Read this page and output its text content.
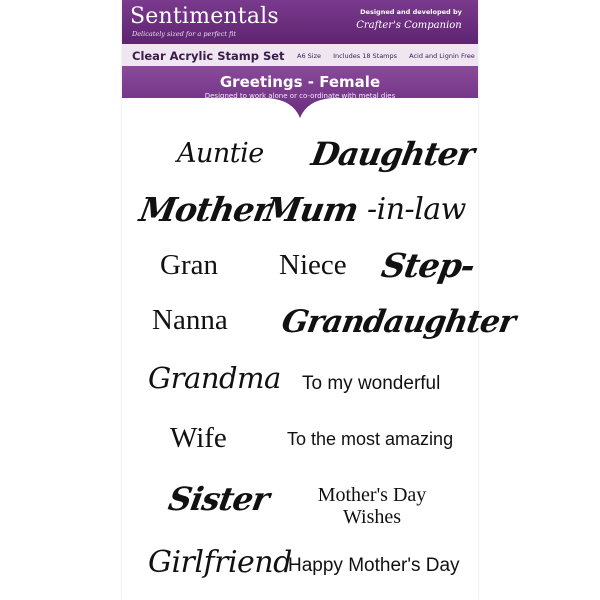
Sentimentals
Delicately sized for a perfect fit
Designed and developed by
Crafter's Companion
Clear Acrylic Stamp Set A6 Size Includes 18 Stamps Acid and Lignin Free
Greetings - Female
Designed to work alone or co-ordinate with metal dies
Auntie Daughter
Mother
Mum -in-law
Gran Niece Step-
Nanna Grandaughter
Grandma To my wonderful
Wife	To the most amazing
Sister	Mother's Day
Wishes
Girlfriend
Happy Mother's Day
